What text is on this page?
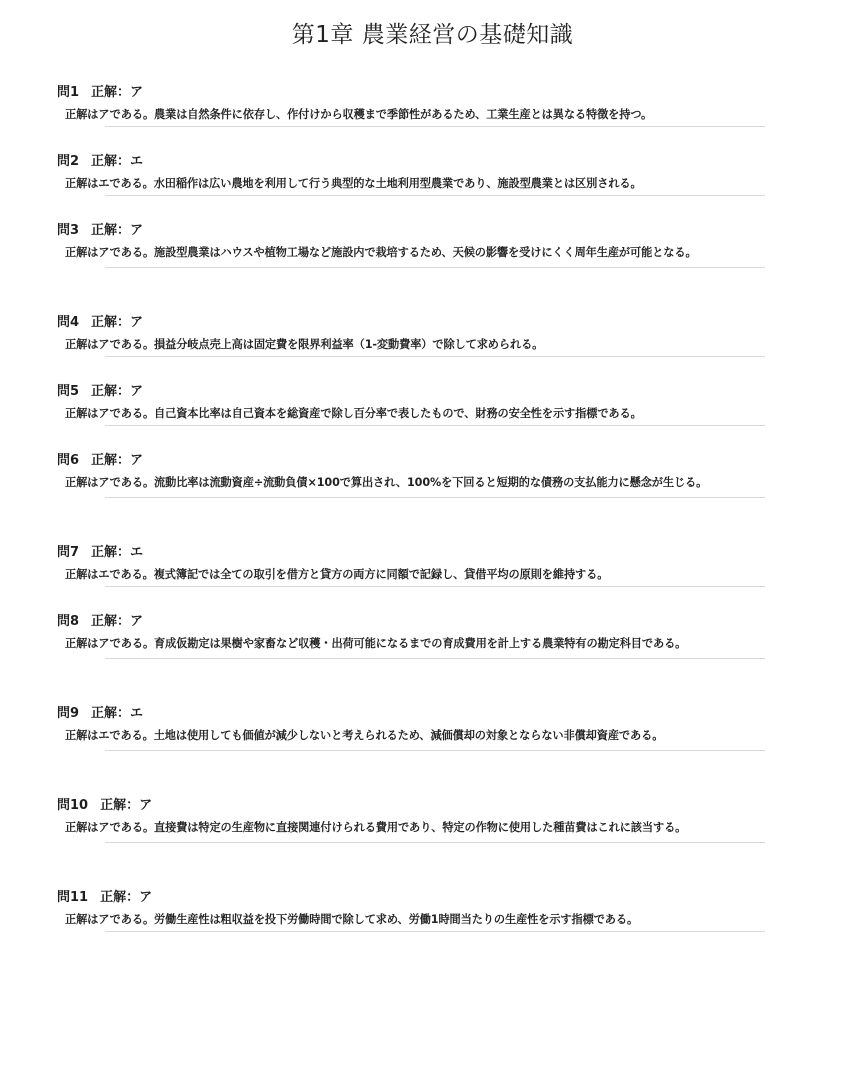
第1章 農業経営の基礎知識
問1 正解：ア
正解はアである。農業は自然条件に依存し、作付けから収穫まで季節性があるため、工業生産とは異なる特徴を持つ。
問2 正解：エ
正解はエである。水田稲作は広い農地を利用して行う典型的な土地利用型農業であり、施設型農業とは区別される。
問3 正解：ア
正解はアである。施設型農業はハウスや植物工場など施設内で栽培するため、天候の影響を受けにくく周年生産が可能となる。
問4 正解：ア
正解はアである。損益分岐点売上高は固定費を限界利益率（1-変動費率）で除して求められる。
問5 正解：ア
正解はアである。自己資本比率は自己資本を総資産で除し百分率で表したもので、財務の安全性を示す指標である。
問6 正解：ア
正解はアである。流動比率は流動資産÷流動負債×100で算出され、100%を下回ると短期的な債務の支払能力に懸念が生じる。
問7 正解：エ
正解はエである。複式簿記では全ての取引を借方と貸方の両方に同額で記録し、貸借平均の原則を維持する。
問8 正解：ア
正解はアである。育成仮勘定は果樹や家畜など収穫・出荷可能になるまでの育成費用を計上する農業特有の勘定科目である。
問9 正解：エ
正解はエである。土地は使用しても価値が減少しないと考えられるため、減価償却の対象とならない非償却資産である。
問10 正解：ア
正解はアである。直接費は特定の生産物に直接関連付けられる費用であり、特定の作物に使用した種苗費はこれに該当する。
問11 正解：ア
正解はアである。労働生産性は粗収益を投下労働時間で除して求め、労働1時間当たりの生産性を示す指標である。
